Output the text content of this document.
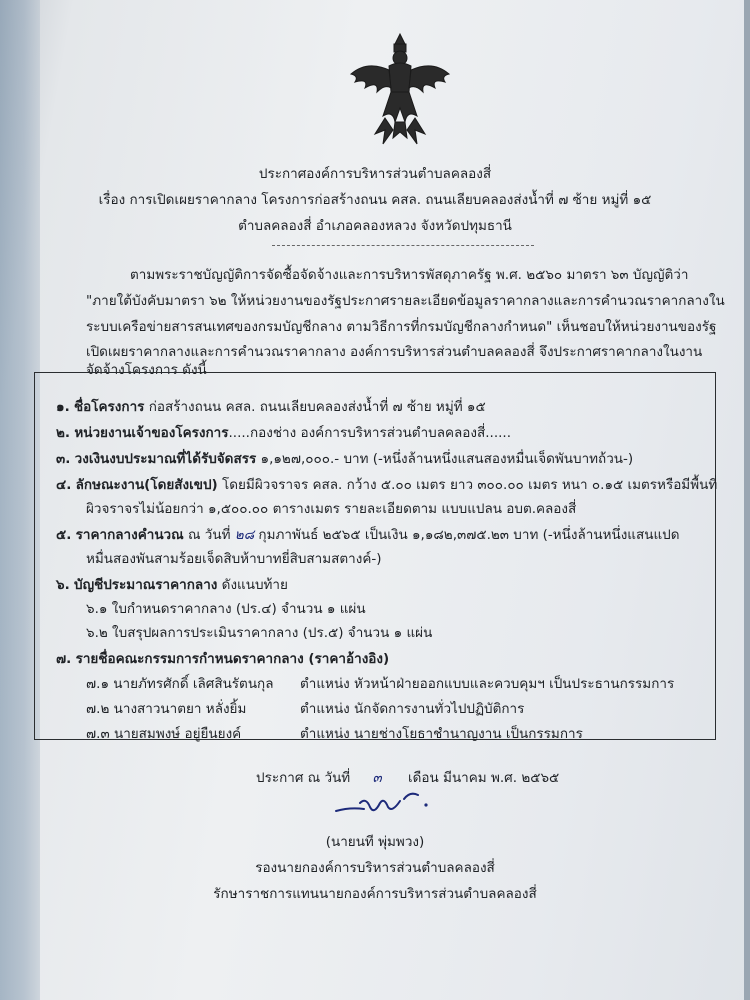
ประกาศองค์การบริหารส่วนตำบลคลองสี่
เรื่อง การเปิดเผยราคากลาง โครงการก่อสร้างถนน คสล. ถนนเลียบคลองส่งน้ำที่ ๗ ซ้าย หมู่ที่ ๑๕
ตำบลคลองสี่ อำเภอคลองหลวง จังหวัดปทุมธานี
ตามพระราชบัญญัติการจัดซื้อจัดจ้างและการบริหารพัสดุภาครัฐ พ.ศ. ๒๕๖๐ มาตรา ๖๓ บัญญัติว่า
"ภายใต้บังคับมาตรา ๖๒ ให้หน่วยงานของรัฐประกาศรายละเอียดข้อมูลราคากลางและการคำนวณราคากลางใน
ระบบเครือข่ายสารสนเทศของกรมบัญชีกลาง ตามวิธีการที่กรมบัญชีกลางกำหนด" เห็นชอบให้หน่วยงานของรัฐ
เปิดเผยราคากลางและการคำนวณราคากลาง องค์การบริหารส่วนตำบลคลองสี่ จึงประกาศราคากลางในงาน
จัดจ้างโครงการ ดังนี้
๑. ชื่อโครงการ ก่อสร้างถนน คสล. ถนนเลียบคลองส่งน้ำที่ ๗ ซ้าย หมู่ที่ ๑๕
๒. หน่วยงานเจ้าของโครงการ.....กองช่าง องค์การบริหารส่วนตำบลคลองสี่......
๓. วงเงินงบประมาณที่ได้รับจัดสรร ๑,๑๒๗,๐๐๐.- บาท (-หนึ่งล้านหนึ่งแสนสองหมื่นเจ็ดพันบาทถ้วน-)
๔. ลักษณะงาน(โดยสังเขป) โดยมีผิวจราจร คสล. กว้าง ๕.๐๐ เมตร ยาว ๓๐๐.๐๐ เมตร หนา ๐.๑๕ เมตรหรือมีพื้นที่
ผิวจราจรไม่น้อยกว่า ๑,๕๐๐.๐๐ ตารางเมตร รายละเอียดตาม แบบแปลน อบต.คลองสี่
๕. ราคากลางคำนวณ ณ วันที่ ๒๘ กุมภาพันธ์ ๒๕๖๕ เป็นเงิน ๑,๑๘๒,๓๗๕.๒๓ บาท (-หนึ่งล้านหนึ่งแสนแปด
หมื่นสองพันสามร้อยเจ็ดสิบห้าบาทยี่สิบสามสตางค์-)
๖. บัญชีประมาณราคากลาง ดังแนบท้าย
๖.๑ ใบกำหนดราคากลาง (ปร.๔) จำนวน ๑ แผ่น
๖.๒ ใบสรุปผลการประเมินราคากลาง (ปร.๕) จำนวน ๑ แผ่น
๗. รายชื่อคณะกรรมการกำหนดราคากลาง (ราคาอ้างอิง)
๗.๑ นายภัทรศักดิ์ เลิศสินรัตนกุล ตำแหน่ง หัวหน้าฝ่ายออกแบบและควบคุมฯ เป็นประธานกรรมการ
๗.๒ นางสาวนาตยา หลั่งยิ้ม	ตำแหน่ง นักจัดการงานทั่วไปปฏิบัติการ
๗.๓ นายสมพงษ์ อยู่ยืนยงค์	ตำแหน่ง นายช่างโยธาชำนาญงาน เป็นกรรมการ
ประกาศ ณ วันที่ ๓ เดือน มีนาคม พ.ศ. ๒๕๖๕
(นายนที พุ่มพวง)
รองนายกองค์การบริหารส่วนตำบลคลองสี่
รักษาราชการแทนนายกองค์การบริหารส่วนตำบลคลองสี่
